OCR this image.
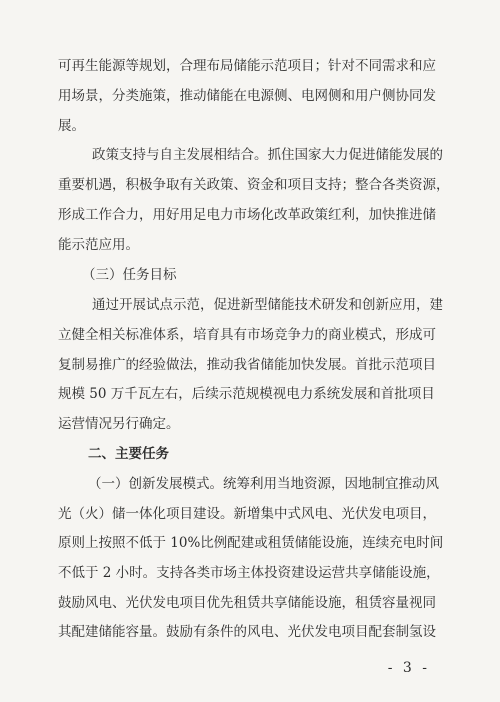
可再生能源等规划，合理布局储能示范项目；针对不同需求和应
用场景，分类施策，推动储能在电源侧、电网侧和用户侧协同发
展。
政策支持与自主发展相结合。抓住国家大力促进储能发展的
重要机遇，积极争取有关政策、资金和项目支持；整合各类资源，
形成工作合力，用好用足电力市场化改革政策红利，加快推进储
能示范应用。
（三）任务目标
通过开展试点示范，促进新型储能技术研发和创新应用，建
立健全相关标准体系，培育具有市场竞争力的商业模式，形成可
复制易推广的经验做法，推动我省储能加快发展。首批示范项目
规模 50 万千瓦左右，后续示范规模视电力系统发展和首批项目
运营情况另行确定。
二、主要任务
（一）创新发展模式。统筹利用当地资源，因地制宜推动风
光（火）储一体化项目建设。新增集中式风电、光伏发电项目，
原则上按照不低于 10%比例配建或租赁储能设施，连续充电时间
不低于 2 小时。支持各类市场主体投资建设运营共享储能设施，
鼓励风电、光伏发电项目优先租赁共享储能设施，租赁容量视同
其配建储能容量。鼓励有条件的风电、光伏发电项目配套制氢设
- 3 -
